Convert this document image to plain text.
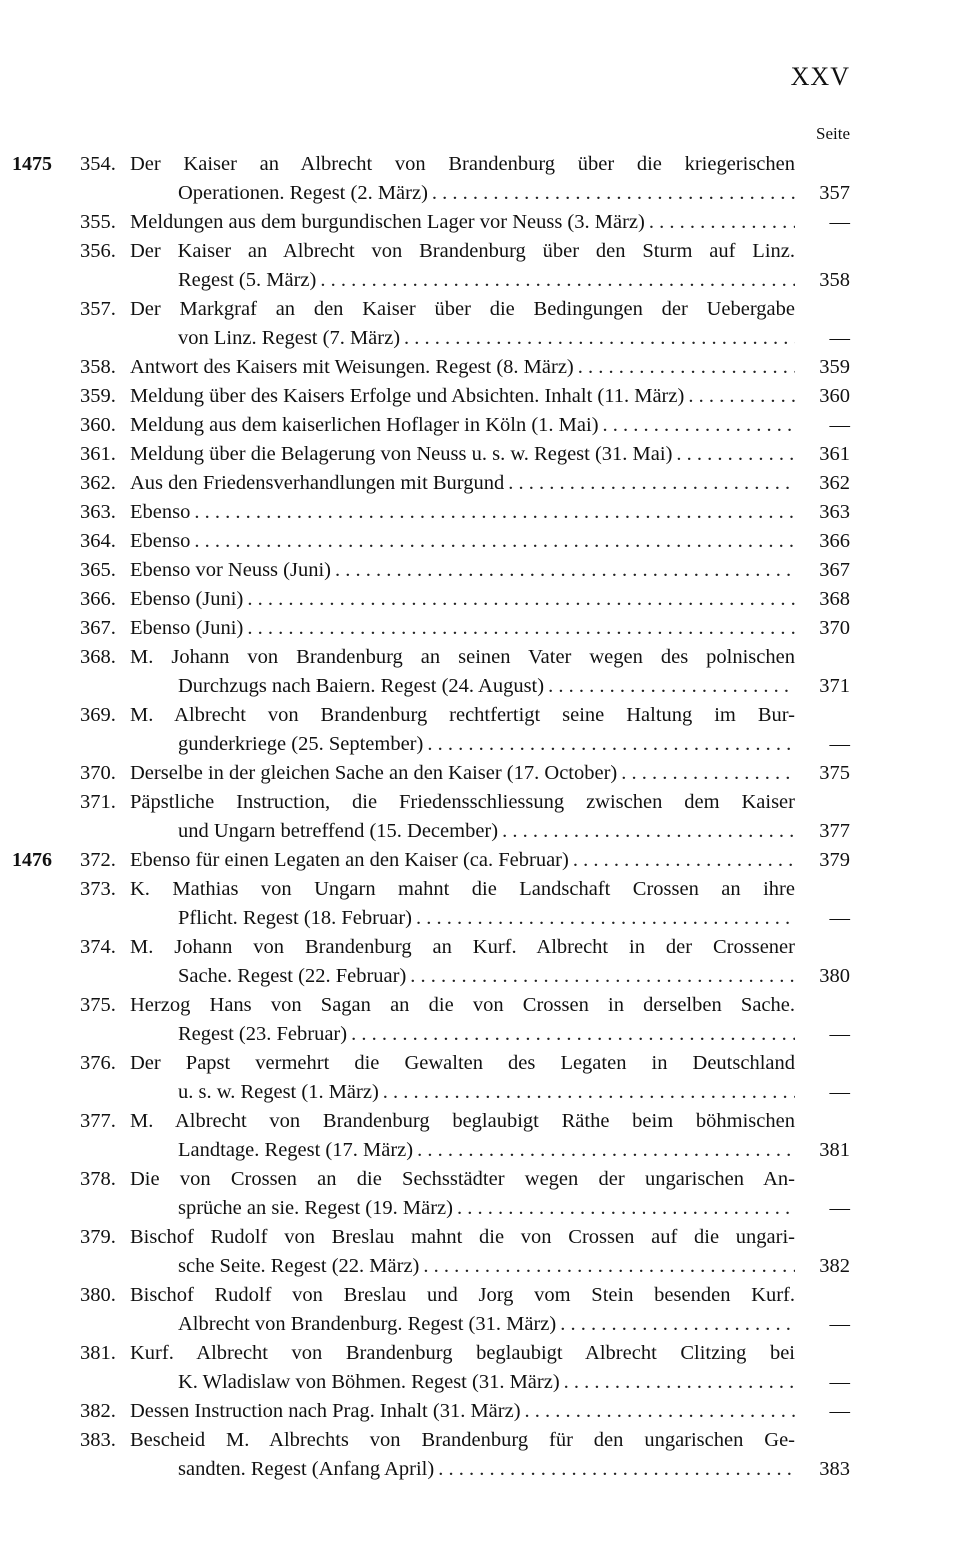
XXV
Seite
1475 354. Der Kaiser an Albrecht von Brandenburg über die kriegerischen
Operationen. Regest (2. März) . . .	357
355. Meldungen aus dem burgundischen Lager vor Neuss (3. März) . . .	—
356. Der Kaiser an Albrecht von Brandenburg über den Sturm auf Linz.
Regest (5. März) . . .	358
357. Der Markgraf an den Kaiser über die Bedingungen der Uebergabe
von Linz. Regest (7. März) . . .	—
358. Antwort des Kaisers mit Weisungen. Regest (8. März) . . .	359
359. Meldung über des Kaisers Erfolge und Absichten. Inhalt (11. März) . . .	360
360. Meldung aus dem kaiserlichen Hoflager in Köln (1. Mai) . . .	—
361. Meldung über die Belagerung von Neuss u. s. w. Regest (31. Mai) . . .	361
362. Aus den Friedensverhandlungen mit Burgund . . .	362
363. Ebenso . . .	363
364. Ebenso . . .	366
365. Ebenso vor Neuss (Juni) . . .	367
366. Ebenso (Juni) . . .	368
367. Ebenso (Juni) . . .	370
368. M. Johann von Brandenburg an seinen Vater wegen des polnischen
Durchzugs nach Baiern. Regest (24. August) . . .	371
369. M. Albrecht von Brandenburg rechtfertigt seine Haltung im Bur-
gunderkriege (25. September) . . .	—
370. Derselbe in der gleichen Sache an den Kaiser (17. October) . . .	375
371. Päpstliche Instruction, die Friedensschliessung zwischen dem Kaiser
und Ungarn betreffend (15. December) . . .	377
1476 372. Ebenso für einen Legaten an den Kaiser (ca. Februar) . . .	379
373. K. Mathias von Ungarn mahnt die Landschaft Crossen an ihre
Pflicht. Regest (18. Februar) . . .	—
374. M. Johann von Brandenburg an Kurf. Albrecht in der Crossener
Sache. Regest (22. Februar) . . .	380
375. Herzog Hans von Sagan an die von Crossen in derselben Sache.
Regest (23. Februar) . . .	—
376. Der Papst vermehrt die Gewalten des Legaten in Deutschland
u. s. w. Regest (1. März) . . .	—
377. M. Albrecht von Brandenburg beglaubigt Räthe beim böhmischen
Landtage. Regest (17. März) . . .	381
378. Die von Crossen an die Sechsstädter wegen der ungarischen An-
sprüche an sie. Regest (19. März) . . .	—
379. Bischof Rudolf von Breslau mahnt die von Crossen auf die ungari-
sche Seite. Regest (22. März) . . .	382
380. Bischof Rudolf von Breslau und Jorg vom Stein besenden Kurf.
Albrecht von Brandenburg. Regest (31. März) . . .	—
381. Kurf. Albrecht von Brandenburg beglaubigt Albrecht Clitzing bei
K. Wladislaw von Böhmen. Regest (31. März) . . .	—
382. Dessen Instruction nach Prag. Inhalt (31. März) . . .	—
383. Bescheid M. Albrechts von Brandenburg für den ungarischen Ge-
sandten. Regest (Anfang April) . . .	383
